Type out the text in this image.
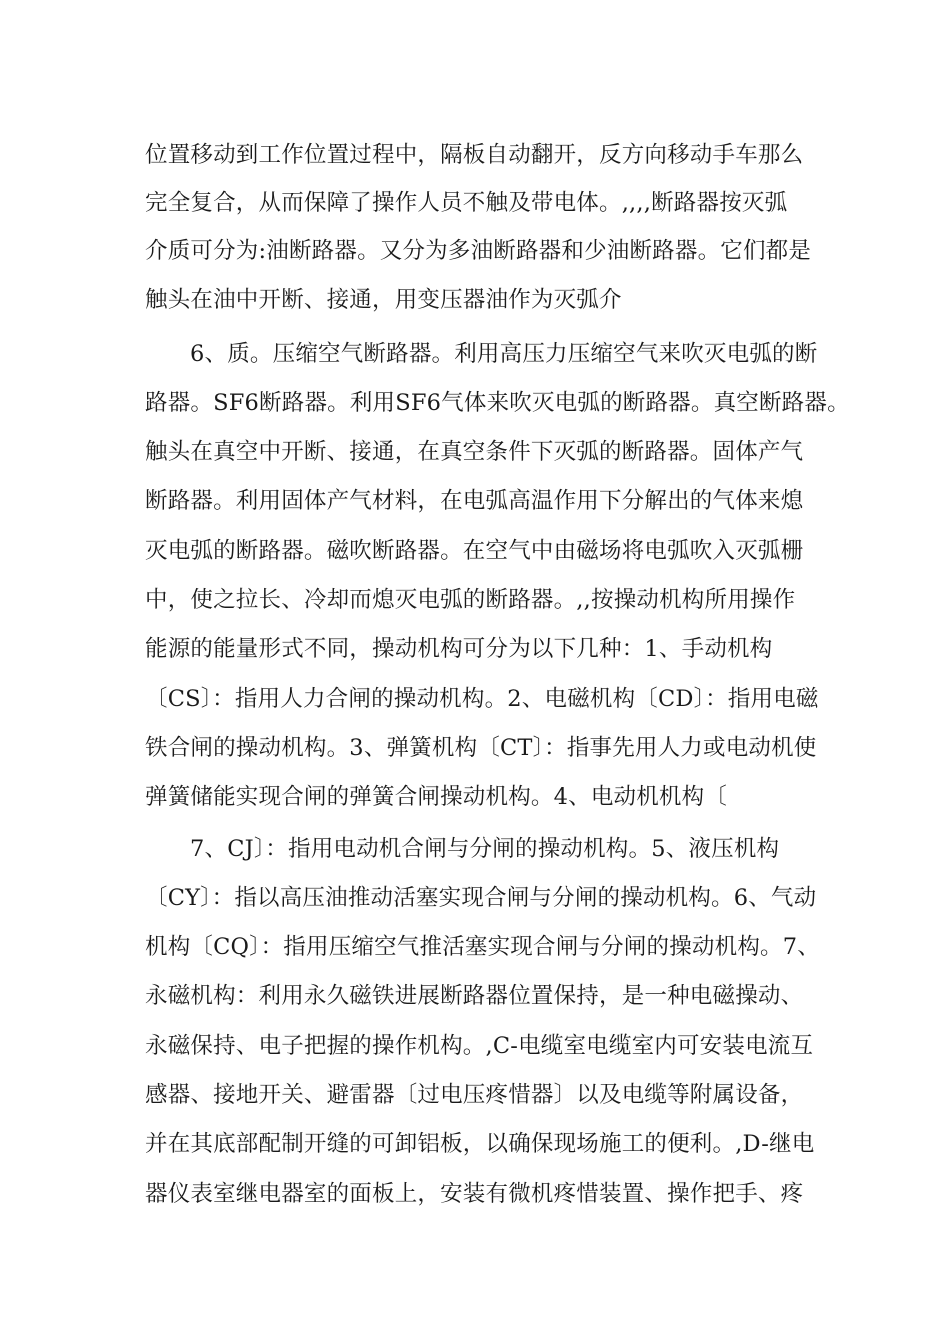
位置移动到工作位置过程中，隔板自动翻开，反方向移动手车那么
完全复合，从而保障了操作人员不触及带电体。,,,,断路器按灭弧
介质可分为:油断路器。又分为多油断路器和少油断路器。它们都是
触头在油中开断、接通，用变压器油作为灭弧介
6、质。压缩空气断路器。利用高压力压缩空气来吹灭电弧的断
路器。SF6断路器。利用SF6气体来吹灭电弧的断路器。真空断路器。
触头在真空中开断、接通，在真空条件下灭弧的断路器。固体产气
断路器。利用固体产气材料，在电弧高温作用下分解出的气体来熄
灭电弧的断路器。磁吹断路器。在空气中由磁场将电弧吹入灭弧栅
中，使之拉长、冷却而熄灭电弧的断路器。,,按操动机构所用操作
能源的能量形式不同，操动机构可分为以下几种：1、手动机构
〔CS〕：指用人力合闸的操动机构。2、电磁机构〔CD〕：指用电磁
铁合闸的操动机构。3、弹簧机构〔CT〕：指事先用人力或电动机使
弹簧储能实现合闸的弹簧合闸操动机构。4、电动机机构〔
7、CJ〕：指用电动机合闸与分闸的操动机构。5、液压机构
〔CY〕：指以高压油推动活塞实现合闸与分闸的操动机构。6、气动
机构〔CQ〕：指用压缩空气推活塞实现合闸与分闸的操动机构。7、
永磁机构：利用永久磁铁进展断路器位置保持，是一种电磁操动、
永磁保持、电子把握的操作机构。,C-电缆室电缆室内可安装电流互
感器、接地开关、避雷器〔过电压疼惜器〕以及电缆等附属设备，
并在其底部配制开缝的可卸铝板，以确保现场施工的便利。,D-继电
器仪表室继电器室的面板上，安装有微机疼惜装置、操作把手、疼
